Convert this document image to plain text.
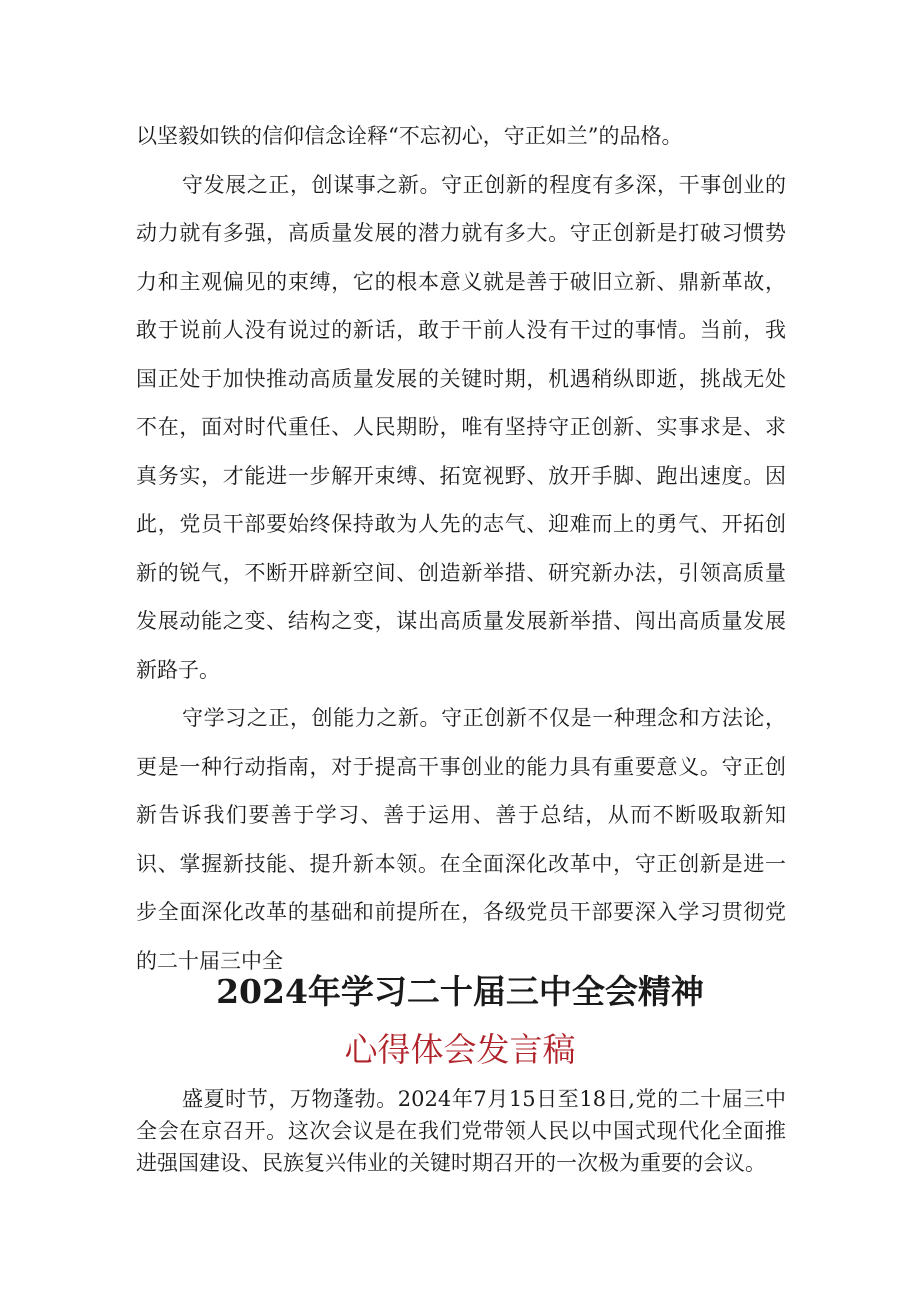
以坚毅如铁的信仰信念诠释“不忘初心，守正如兰”的品格。

守发展之正，创谋事之新。守正创新的程度有多深，干事创业的动力就有多强，高质量发展的潜力就有多大。守正创新是打破习惯势力和主观偏见的束缚，它的根本意义就是善于破旧立新、鼎新革故，敢于说前人没有说过的新话，敢于干前人没有干过的事情。当前，我国正处于加快推动高质量发展的关键时期，机遇稍纵即逝，挑战无处不在，面对时代重任、人民期盼，唯有坚持守正创新、实事求是、求真务实，才能进一步解开束缚、拓宽视野、放开手脚、跑出速度。因此，党员干部要始终保持敢为人先的志气、迎难而上的勇气、开拓创新的锐气，不断开辟新空间、创造新举措、研究新办法，引领高质量发展动能之变、结构之变，谋出高质量发展新举措、闯出高质量发展新路子。

守学习之正，创能力之新。守正创新不仅是一种理念和方法论，更是一种行动指南，对于提高干事创业的能力具有重要意义。守正创新告诉我们要善于学习、善于运用、善于总结，从而不断吸取新知识、掌握新技能、提升新本领。在全面深化改革中，守正创新是进一步全面深化改革的基础和前提所在，各级党员干部要深入学习贯彻党的二十届三中全

2024年学习二十届三中全会精神
心得体会发言稿

盛夏时节，万物蓬勃。2024年7月15日至18日,党的二十届三中全会在京召开。这次会议是在我们党带领人民以中国式现代化全面推进强国建设、民族复兴伟业的关键时期召开的一次极为重要的会议。
